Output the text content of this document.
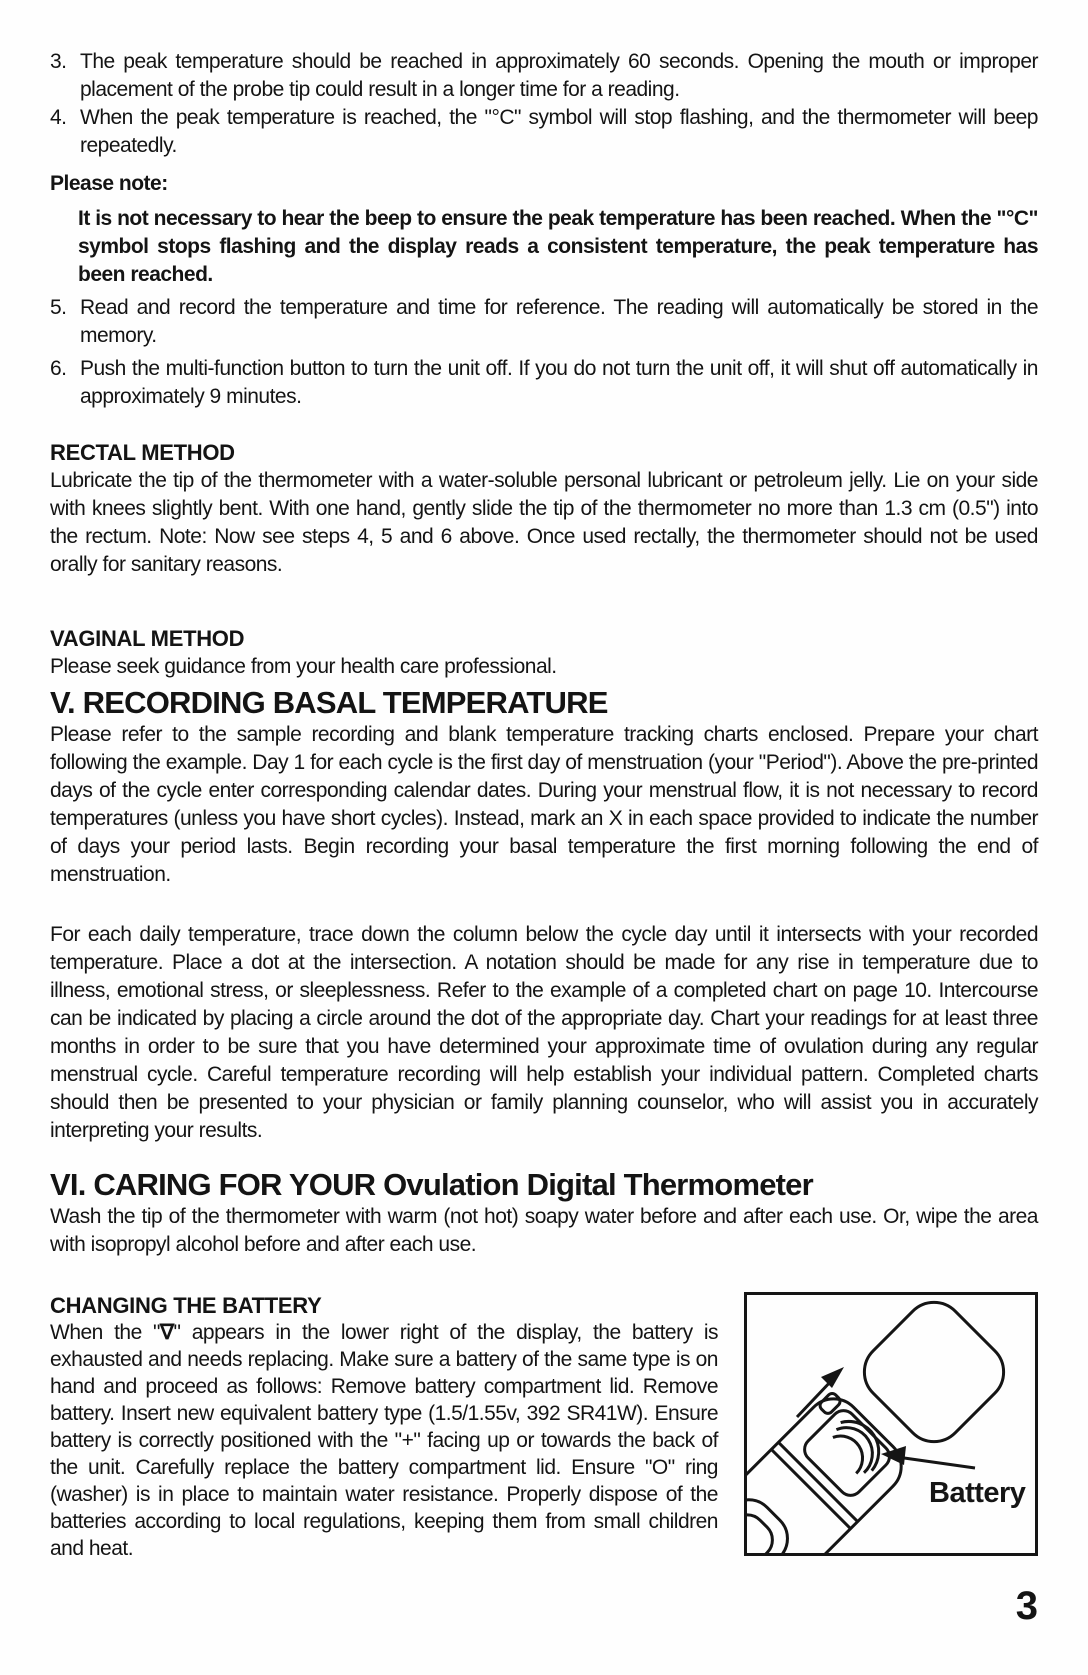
3. The peak temperature should be reached in approximately 60 seconds. Opening the mouth or improper placement of the probe tip could result in a longer time for a reading.
4. When the peak temperature is reached, the "°C" symbol will stop flashing, and the thermometer will beep repeatedly.

Please note:

It is not necessary to hear the beep to ensure the peak temperature has been reached. When the "°C" symbol stops flashing and the display reads a consistent temperature, the peak temperature has been reached.

5. Read and record the temperature and time for reference. The reading will automatically be stored in the memory.
6. Push the multi-function button to turn the unit off. If you do not turn the unit off, it will shut off automatically in approximately 9 minutes.

RECTAL METHOD

Lubricate the tip of the thermometer with a water-soluble personal lubricant or petroleum jelly. Lie on your side with knees slightly bent. With one hand, gently slide the tip of the thermometer no more than 1.3 cm (0.5") into the rectum. Note: Now see steps 4, 5 and 6 above. Once used rectally, the thermometer should not be used orally for sanitary reasons.

VAGINAL METHOD

Please seek guidance from your health care professional.

V. RECORDING BASAL TEMPERATURE

Please refer to the sample recording and blank temperature tracking charts enclosed. Prepare your chart following the example. Day 1 for each cycle is the first day of menstruation (your "Period"). Above the pre-printed days of the cycle enter corresponding calendar dates. During your menstrual flow, it is not necessary to record temperatures (unless you have short cycles). Instead, mark an X in each space provided to indicate the number of days your period lasts. Begin recording your basal temperature the first morning following the end of menstruation.

For each daily temperature, trace down the column below the cycle day until it intersects with your recorded temperature. Place a dot at the intersection. A notation should be made for any rise in temperature due to illness, emotional stress, or sleeplessness. Refer to the example of a completed chart on page 10. Intercourse can be indicated by placing a circle around the dot of the appropriate day. Chart your readings for at least three months in order to be sure that you have determined your approximate time of ovulation during any regular menstrual cycle. Careful temperature recording will help establish your individual pattern. Completed charts should then be presented to your physician or family planning counselor, who will assist you in accurately interpreting your results.

VI. CARING FOR YOUR Ovulation Digital Thermometer

Wash the tip of the thermometer with warm (not hot) soapy water before and after each use. Or, wipe the area with isopropyl alcohol before and after each use.

Battery

CHANGING THE BATTERY

When the "∇" appears in the lower right of the display, the battery is exhausted and needs replacing. Make sure a battery of the same type is on hand and proceed as follows: Remove battery compartment lid. Remove battery. Insert new equivalent battery type (1.5/1.55v, 392 SR41W). Ensure battery is correctly positioned with the "+" facing up or towards the back of the unit. Carefully replace the battery compartment lid. Ensure "O" ring (washer) is in place to maintain water resistance. Properly dispose of the batteries according to local regulations, keeping them from small children and heat.

3
